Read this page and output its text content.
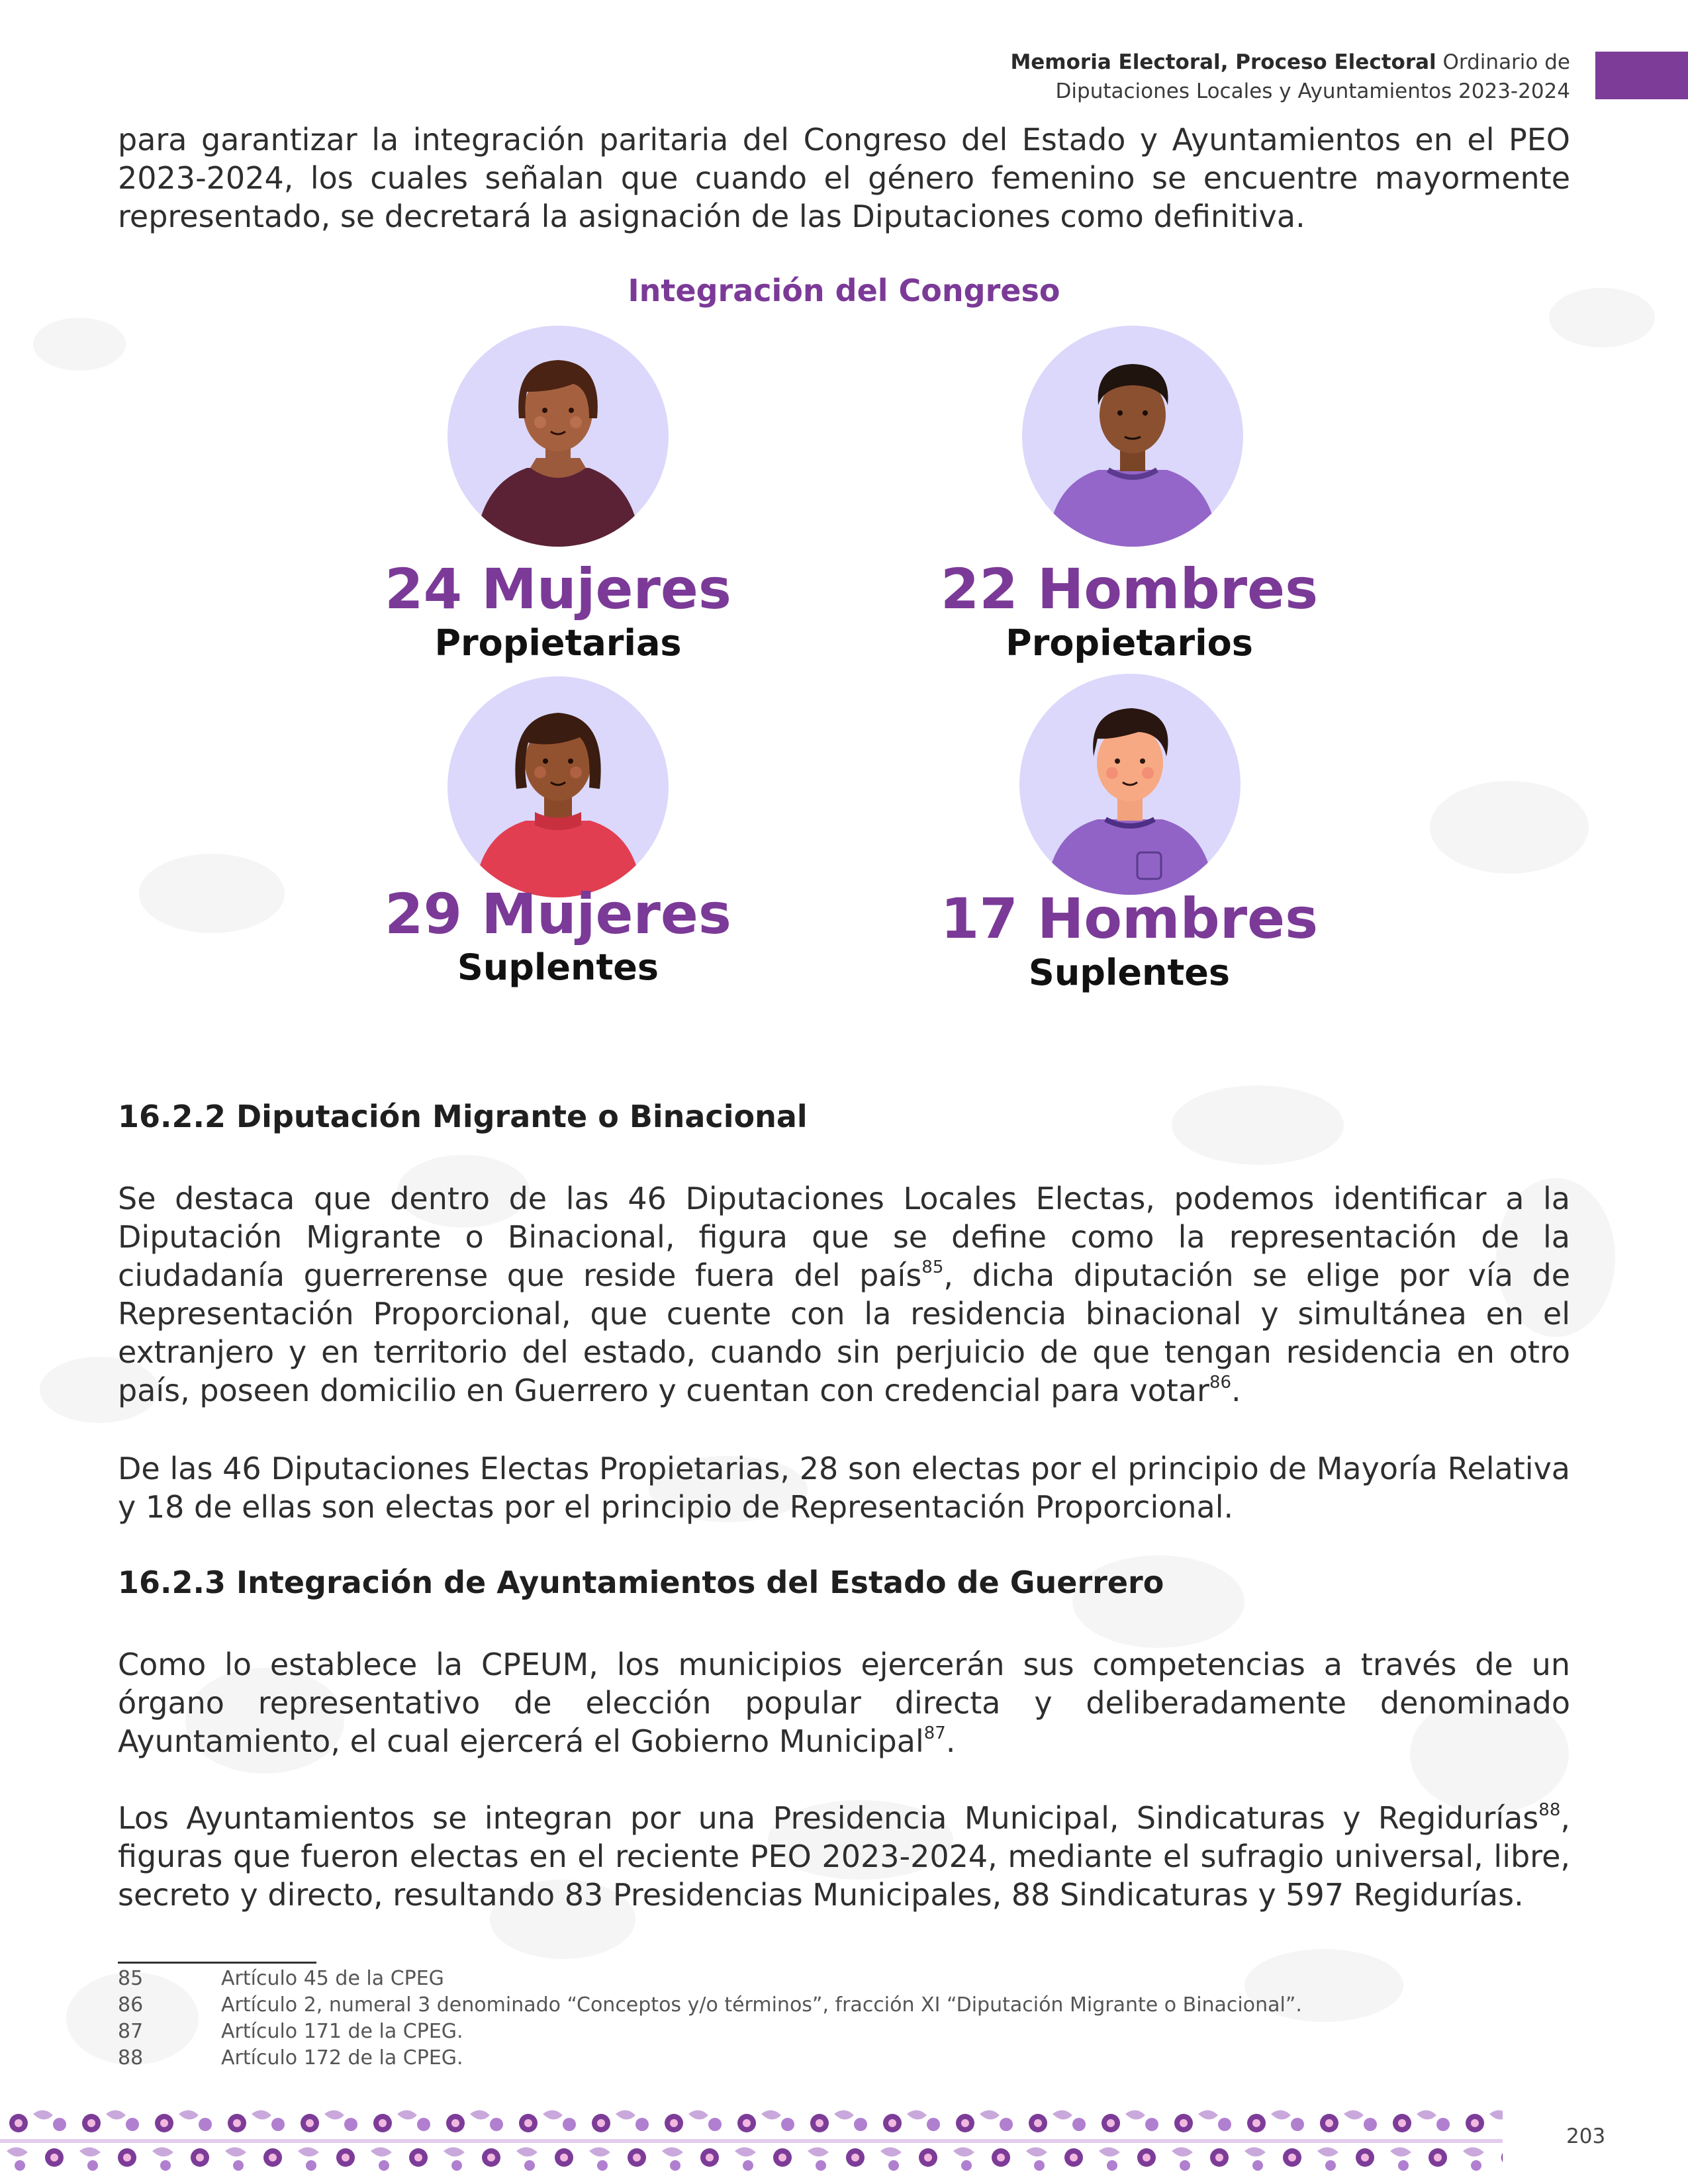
Memoria Electoral, Proceso Electoral Ordinario de
Diputaciones Locales y Ayuntamientos 2023-2024
para garantizar la integración paritaria del Congreso del Estado y Ayuntamientos en el PEO 2023-2024, los cuales señalan que cuando el género femenino se encuentre mayormente representado, se decretará la asignación de las Diputaciones como definitiva.
Integración del Congreso
24 Mujeres
Propietarias
22 Hombres
Propietarios
29 Mujeres
Suplentes
17 Hombres
Suplentes
16.2.2 Diputación Migrante o Binacional
Se destaca que dentro de las 46 Diputaciones Locales Electas, podemos identificar a la Diputación Migrante o Binacional, figura que se define como la representación de la ciudadanía guerrerense que reside fuera del país$^{85}$, dicha diputación se elige por vía de Representación Proporcional, que cuente con la residencia binacional y simultánea en el extranjero y en territorio del estado, cuando sin perjuicio de que tengan residencia en otro país, poseen domicilio en Guerrero y cuentan con credencial para votar$^{86}$.
De las 46 Diputaciones Electas Propietarias, 28 son electas por el principio de Mayoría Relativa y 18 de ellas son electas por el principio de Representación Proporcional.
16.2.3 Integración de Ayuntamientos del Estado de Guerrero
Como lo establece la CPEUM, los municipios ejercerán sus competencias a través de un órgano representativo de elección popular directa y deliberadamente denominado Ayuntamiento, el cual ejercerá el Gobierno Municipal$^{87}$.
Los Ayuntamientos se integran por una Presidencia Municipal, Sindicaturas y Regidurías$^{88}$, figuras que fueron electas en el reciente PEO 2023-2024, mediante el sufragio universal, libre, secreto y directo, resultando 83 Presidencias Municipales, 88 Sindicaturas y 597 Regidurías.
85	Artículo 45 de la CPEG
86	Artículo 2, numeral 3 denominado “Conceptos y/o términos”, fracción XI “Diputación Migrante o Binacional”.
87	Artículo 171 de la CPEG.
88	Artículo 172 de la CPEG.
203
